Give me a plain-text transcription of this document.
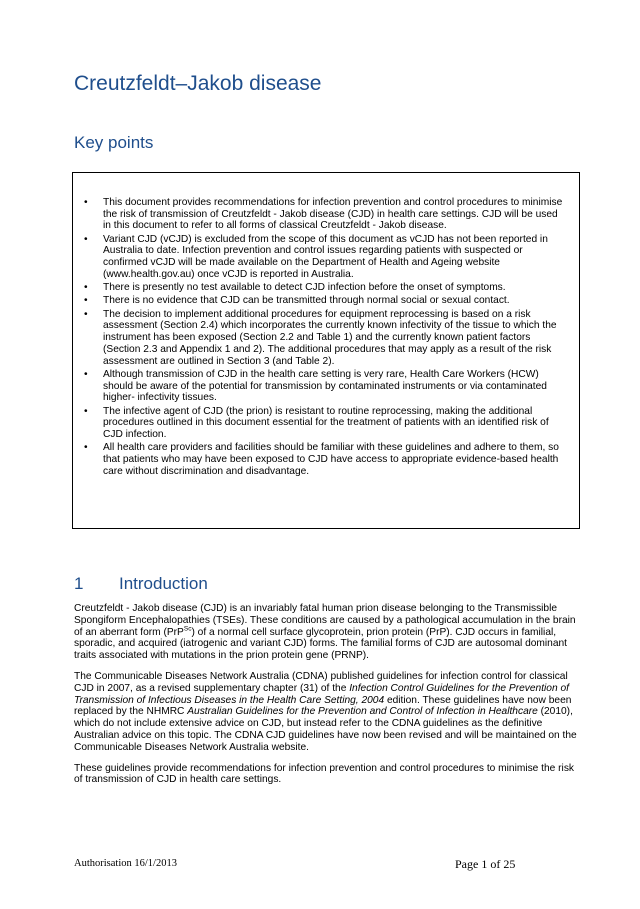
Creutzfeldt–Jakob disease
Key points
• This document provides recommendations for infection prevention and control procedures to minimise the risk of transmission of Creutzfeldt - Jakob disease (CJD) in health care settings. CJD will be used in this document to refer to all forms of classical Creutzfeldt - Jakob disease.
• Variant CJD (vCJD) is excluded from the scope of this document as vCJD has not been reported in Australia to date. Infection prevention and control issues regarding patients with suspected or confirmed vCJD will be made available on the Department of Health and Ageing website (www.health.gov.au) once vCJD is reported in Australia.
• There is presently no test available to detect CJD infection before the onset of symptoms.
• There is no evidence that CJD can be transmitted through normal social or sexual contact.
• The decision to implement additional procedures for equipment reprocessing is based on a risk assessment (Section 2.4) which incorporates the currently known infectivity of the tissue to which the instrument has been exposed (Section 2.2 and Table 1) and the currently known patient factors (Section 2.3 and Appendix 1 and 2). The additional procedures that may apply as a result of the risk assessment are outlined in Section 3 (and Table 2).
• Although transmission of CJD in the health care setting is very rare, Health Care Workers (HCW) should be aware of the potential for transmission by contaminated instruments or via contaminated higher- infectivity tissues.
• The infective agent of CJD (the prion) is resistant to routine reprocessing, making the additional procedures outlined in this document essential for the treatment of patients with an identified risk of CJD infection.
• All health care providers and facilities should be familiar with these guidelines and adhere to them, so that patients who may have been exposed to CJD have access to appropriate evidence-based health care without discrimination and disadvantage.
1 Introduction

Creutzfeldt - Jakob disease (CJD) is an invariably fatal human prion disease belonging to the Transmissible Spongiform Encephalopathies (TSEs). These conditions are caused by a pathological accumulation in the brain of an aberrant form (PrP$^{Sc}$) of a normal cell surface glycoprotein, prion protein (PrP). CJD occurs in familial, sporadic, and acquired (iatrogenic and variant CJD) forms. The familial forms of CJD are autosomal dominant traits associated with mutations in the prion protein gene (PRNP).

The Communicable Diseases Network Australia (CDNA) published guidelines for infection control for classical CJD in 2007, as a revised supplementary chapter (31) of the Infection Control Guidelines for the Prevention of Transmission of Infectious Diseases in the Health Care Setting, 2004 edition. These guidelines have now been replaced by the NHMRC Australian Guidelines for the Prevention and Control of Infection in Healthcare (2010), which do not include extensive advice on CJD, but instead refer to the CDNA guidelines as the definitive Australian advice on this topic. The CDNA CJD guidelines have now been revised and will be maintained on the Communicable Diseases Network Australia website.

These guidelines provide recommendations for infection prevention and control procedures to minimise the risk of transmission of CJD in health care settings.

Authorisation 16/1/2013	Page 1 of 25
